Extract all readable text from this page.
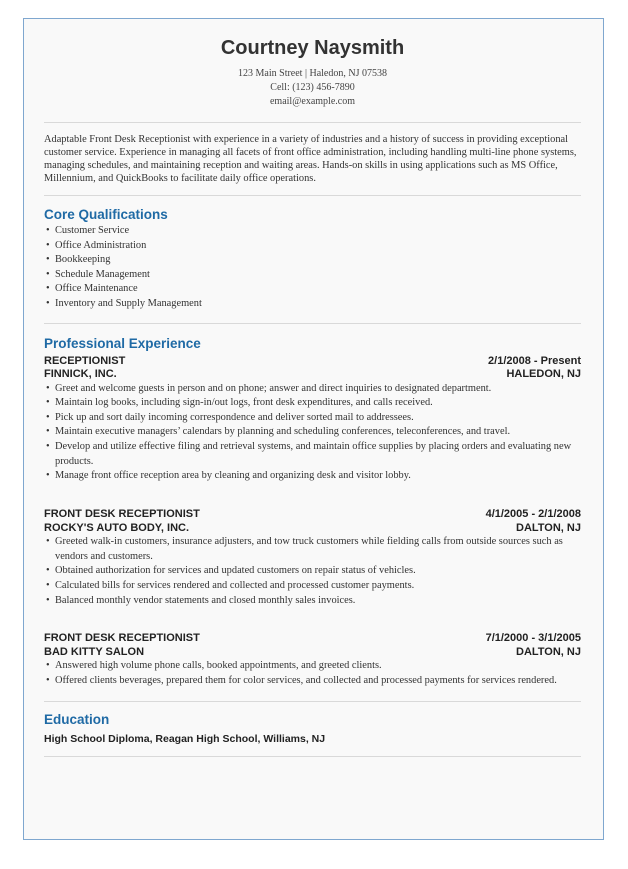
Courtney Naysmith
123 Main Street | Haledon, NJ 07538
Cell: (123) 456-7890
email@example.com

Adaptable Front Desk Receptionist with experience in a variety of industries and a history of success in providing exceptional customer service. Experience in managing all facets of front office administration, including handling multi-line phone systems, managing schedules, and maintaining reception and waiting areas. Hands-on skills in using applications such as MS Office, Millennium, and QuickBooks to facilitate daily office operations.

Core Qualifications
• Customer Service
• Office Administration
• Bookkeeping
• Schedule Management
• Office Maintenance
• Inventory and Supply Management
Professional Experience
RECEPTIONIST	2/1/2008 - Present
FINNICK, INC.	HALEDON, NJ
• Greet and welcome guests in person and on phone; answer and direct inquiries to designated department.
• Maintain log books, including sign-in/out logs, front desk expenditures, and calls received.
• Pick up and sort daily incoming correspondence and deliver sorted mail to addressees.
• Maintain executive managers’ calendars by planning and scheduling conferences, teleconferences, and travel.
• Develop and utilize effective filing and retrieval systems, and maintain office supplies by placing orders and evaluating new products.
• Manage front office reception area by cleaning and organizing desk and visitor lobby.
FRONT DESK RECEPTIONIST	4/1/2005 - 2/1/2008
ROCKY'S AUTO BODY, INC.	DALTON, NJ
• Greeted walk-in customers, insurance adjusters, and tow truck customers while fielding calls from outside sources such as vendors and customers.
• Obtained authorization for services and updated customers on repair status of vehicles.
• Calculated bills for services rendered and collected and processed customer payments.
• Balanced monthly vendor statements and closed monthly sales invoices.
FRONT DESK RECEPTIONIST	7/1/2000 - 3/1/2005
BAD KITTY SALON	DALTON, NJ
• Answered high volume phone calls, booked appointments, and greeted clients.
• Offered clients beverages, prepared them for color services, and collected and processed payments for services rendered.
Education

High School Diploma, Reagan High School, Williams, NJ
